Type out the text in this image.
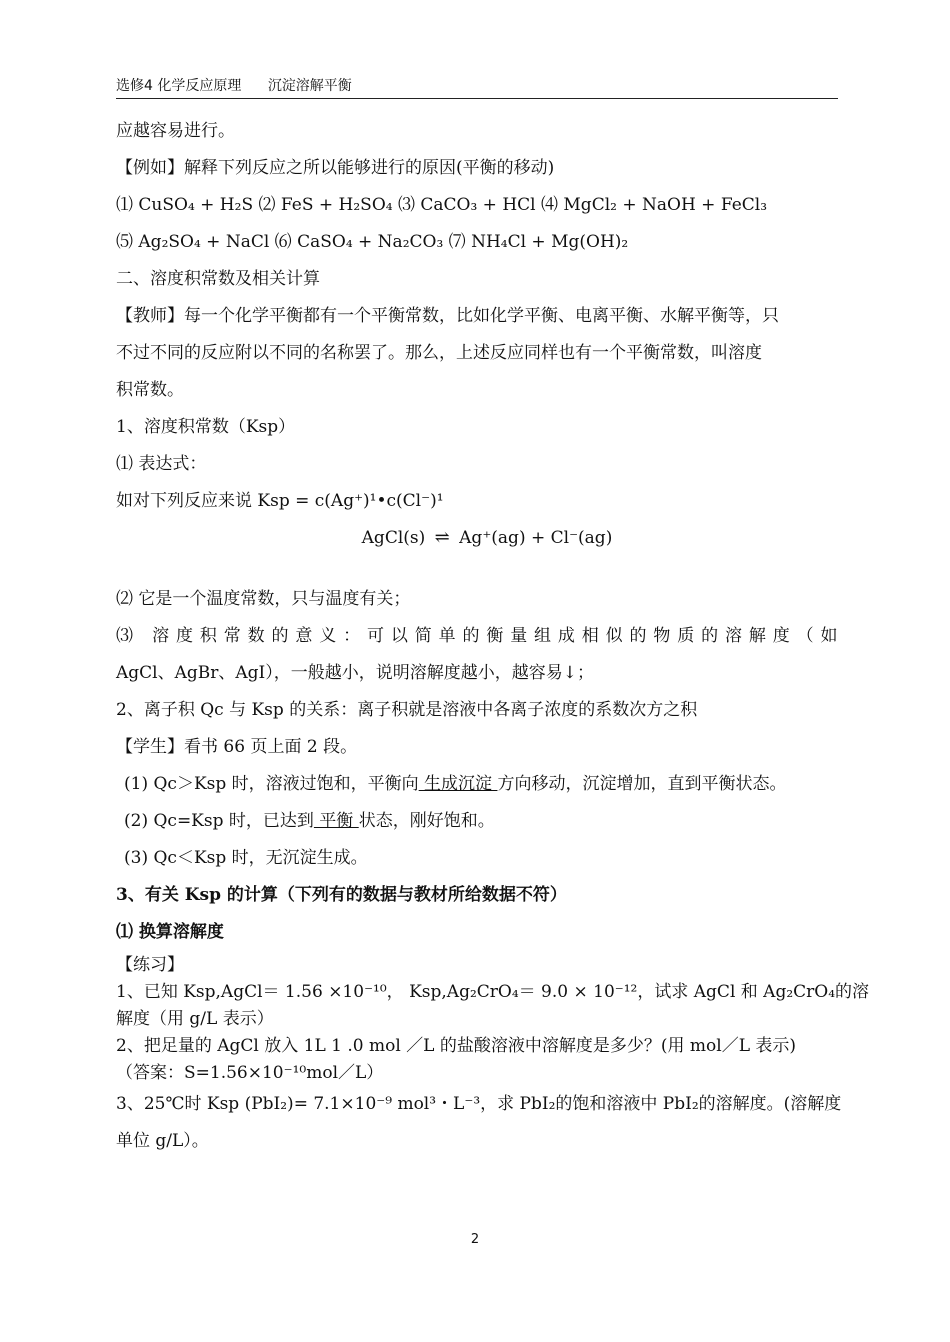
选修4 化学反应原理 沉淀溶解平衡
应越容易进行。
【例如】解释下列反应之所以能够进行的原因(平衡的移动)
⑴ CuSO₄ + H₂S ⑵ FeS + H₂SO₄ ⑶ CaCO₃ + HCl ⑷ MgCl₂ + NaOH + FeCl₃
⑸ Ag₂SO₄ + NaCl ⑹ CaSO₄ + Na₂CO₃ ⑺ NH₄Cl + Mg(OH)₂
二、溶度积常数及相关计算
【教师】每一个化学平衡都有一个平衡常数，比如化学平衡、电离平衡、水解平衡等，只
不过不同的反应附以不同的名称罢了。那么，上述反应同样也有一个平衡常数，叫溶度
积常数。
1、溶度积常数（Ksp）
⑴ 表达式：
如对下列反应来说 Ksp = c(Ag⁺)¹•c(Cl⁻)¹
AgCl(s) ⇌ Ag⁺(ag) + Cl⁻(ag)
⑵ 它是一个温度常数，只与温度有关；
⑶ 溶度积常数的意义：可以简单的衡量组成相似的物质的溶解度（如
AgCl、AgBr、AgI），一般越小，说明溶解度越小，越容易↓；
2、离子积 Qc 与 Ksp 的关系：离子积就是溶液中各离子浓度的系数次方之积
【学生】看书 66 页上面 2 段。
(1) Qc＞Ksp 时，溶液过饱和，平衡向 生成沉淀 方向移动，沉淀增加，直到平衡状态。
(2) Qc=Ksp 时，已达到 平衡 状态，刚好饱和。
(3) Qc＜Ksp 时，无沉淀生成。
3、有关 Ksp 的计算（下列有的数据与教材所给数据不符）
⑴ 换算溶解度
【练习】
1、已知 Ksp,AgCl＝ 1.56 ×10⁻¹⁰， Ksp,Ag₂CrO₄＝ 9.0 × 10⁻¹²，试求 AgCl 和 Ag₂CrO₄的溶
解度（用 g/L 表示）
2、把足量的 AgCl 放入 1L 1 .0 mol ／L 的盐酸溶液中溶解度是多少？(用 mol／L 表示)
（答案：S=1.56×10⁻¹⁰mol／L）
3、25℃时 Ksp (PbI₂)= 7.1×10⁻⁹ mol³・L⁻³，求 PbI₂的饱和溶液中 PbI₂的溶解度。(溶解度
单位 g/L）。
2
